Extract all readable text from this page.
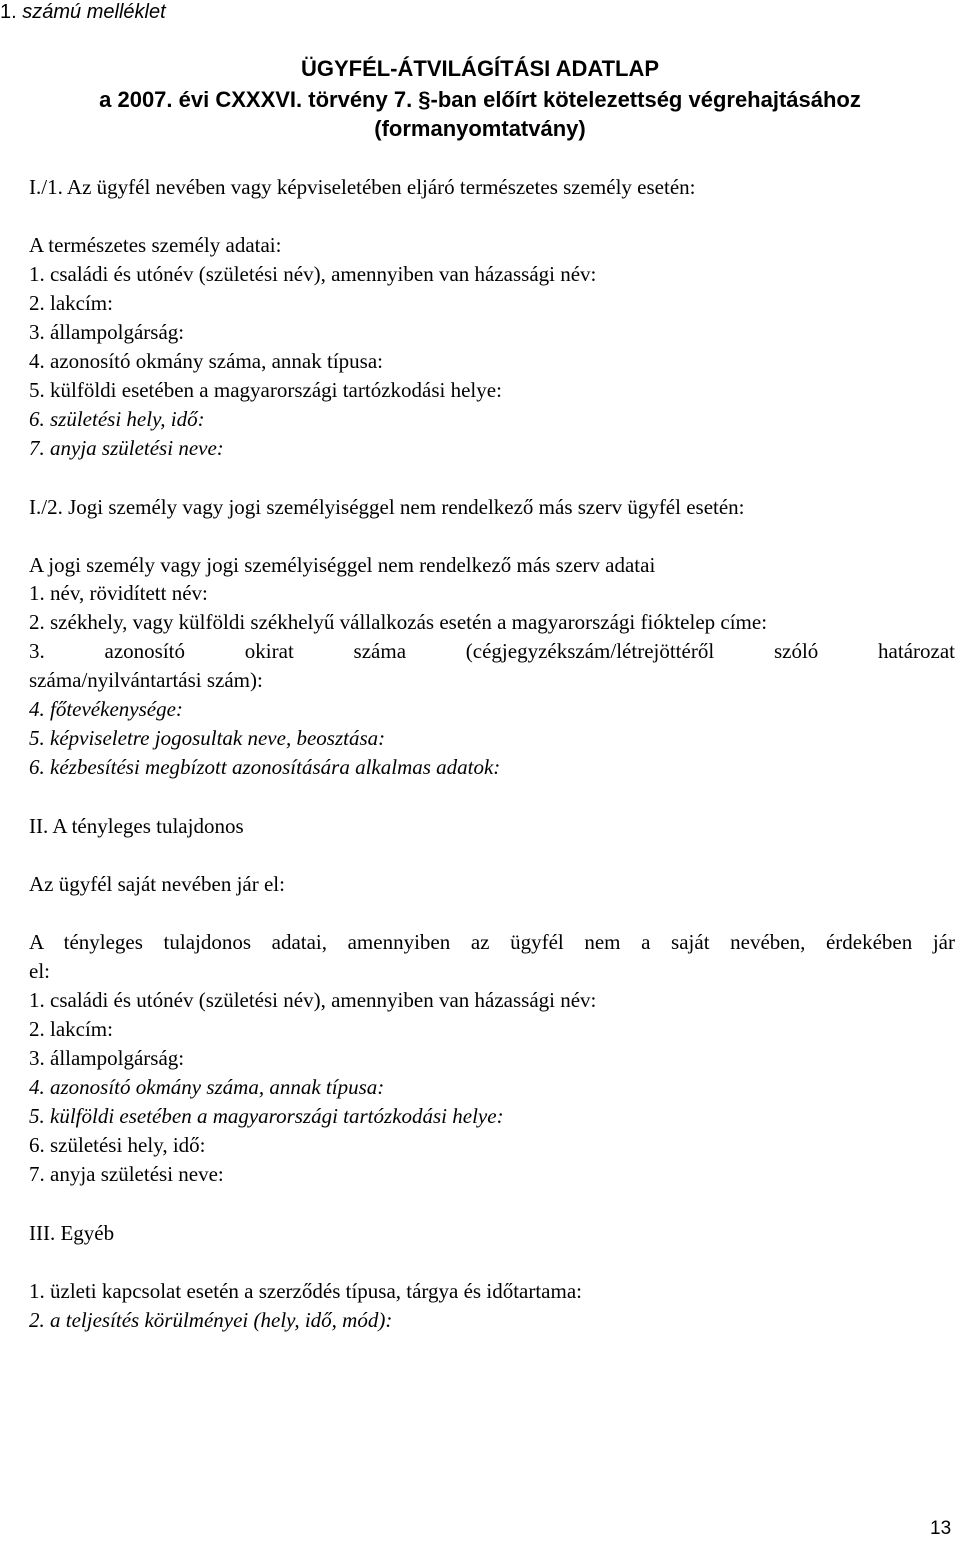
1. számú melléklet
ÜGYFÉL-ÁTVILÁGÍTÁSI ADATLAP
a 2007. évi CXXXVI. törvény 7. §-ban előírt kötelezettség végrehajtásához
(formanyomtatvány)
I./1. Az ügyfél nevében vagy képviseletében eljáró természetes személy esetén:
A természetes személy adatai:
1. családi és utónév (születési név), amennyiben van házassági név:
2. lakcím:
3. állampolgárság:
4. azonosító okmány száma, annak típusa:
5. külföldi esetében a magyarországi tartózkodási helye:
6. születési hely, idő:
7. anyja születési neve:
I./2. Jogi személy vagy jogi személyiséggel nem rendelkező más szerv ügyfél esetén:
A jogi személy vagy jogi személyiséggel nem rendelkező más szerv adatai
1. név, rövidített név:
2. székhely, vagy külföldi székhelyű vállalkozás esetén a magyarországi fióktelep címe:
3. azonosító okirat száma (cégjegyzékszám/létrejöttéről szóló határozat
száma/nyilvántartási szám):
4. főtevékenysége:
5. képviseletre jogosultak neve, beosztása:
6. kézbesítési megbízott azonosítására alkalmas adatok:
II. A tényleges tulajdonos
Az ügyfél saját nevében jár el:
A tényleges tulajdonos adatai, amennyiben az ügyfél nem a saját nevében, érdekében jár
el:
1. családi és utónév (születési név), amennyiben van házassági név:
2. lakcím:
3. állampolgárság:
4. azonosító okmány száma, annak típusa:
5. külföldi esetében a magyarországi tartózkodási helye:
6. születési hely, idő:
7. anyja születési neve:
III. Egyéb
1. üzleti kapcsolat esetén a szerződés típusa, tárgya és időtartama:
2. a teljesítés körülményei (hely, idő, mód):
13
